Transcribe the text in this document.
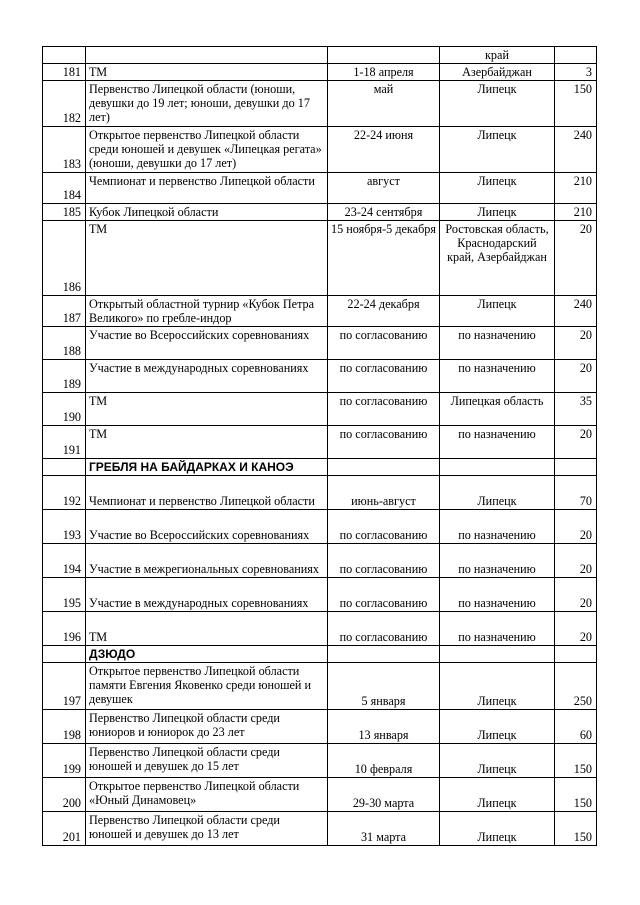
			край	
181	ТМ	1-18 апреля	Азербайджан	3
182	Первенство Липецкой области (юноши, девушки до 19 лет; юноши, девушки до 17 лет)	май	Липецк	150
183	Открытое первенство Липецкой области среди юношей и девушек «Липецкая регата» (юноши, девушки до 17 лет)	22-24 июня	Липецк	240
184	Чемпионат и первенство Липецкой области	август	Липецк	210
185	Кубок Липецкой области	23-24 сентября	Липецк	210
186	ТМ	15 ноября-5 декабря	Ростовская область, Краснодарский край, Азербайджан	20
187	Открытый областной турнир «Кубок Петра Великого» по гребле-индор	22-24 декабря	Липецк	240
188	Участие во Всероссийских соревнованиях	по согласованию	по назначению	20
189	Участие в международных соревнованиях	по согласованию	по назначению	20
190	ТМ	по согласованию	Липецкая область	35
191	ТМ	по согласованию	по назначению	20
	ГРЕБЛЯ НА БАЙДАРКАХ И КАНОЭ			
192	Чемпионат и первенство Липецкой области	июнь-август	Липецк	70
193	Участие во Всероссийских соревнованиях	по согласованию	по назначению	20
194	Участие в межрегиональных соревнованиях	по согласованию	по назначению	20
195	Участие в международных соревнованиях	по согласованию	по назначению	20
196	ТМ	по согласованию	по назначению	20
	ДЗЮДО			
197	Открытое первенство Липецкой области памяти Евгения Яковенко среди юношей и девушек	5 января	Липецк	250
198	Первенство Липецкой области среди юниоров и юниорок до 23 лет	13 января	Липецк	60
199	Первенство Липецкой области среди юношей и девушек до 15 лет	10 февраля	Липецк	150
200	Открытое первенство Липецкой области «Юный Динамовец»	29-30 марта	Липецк	150
201	Первенство Липецкой области среди юношей и девушек до 13 лет	31 марта	Липецк	150
